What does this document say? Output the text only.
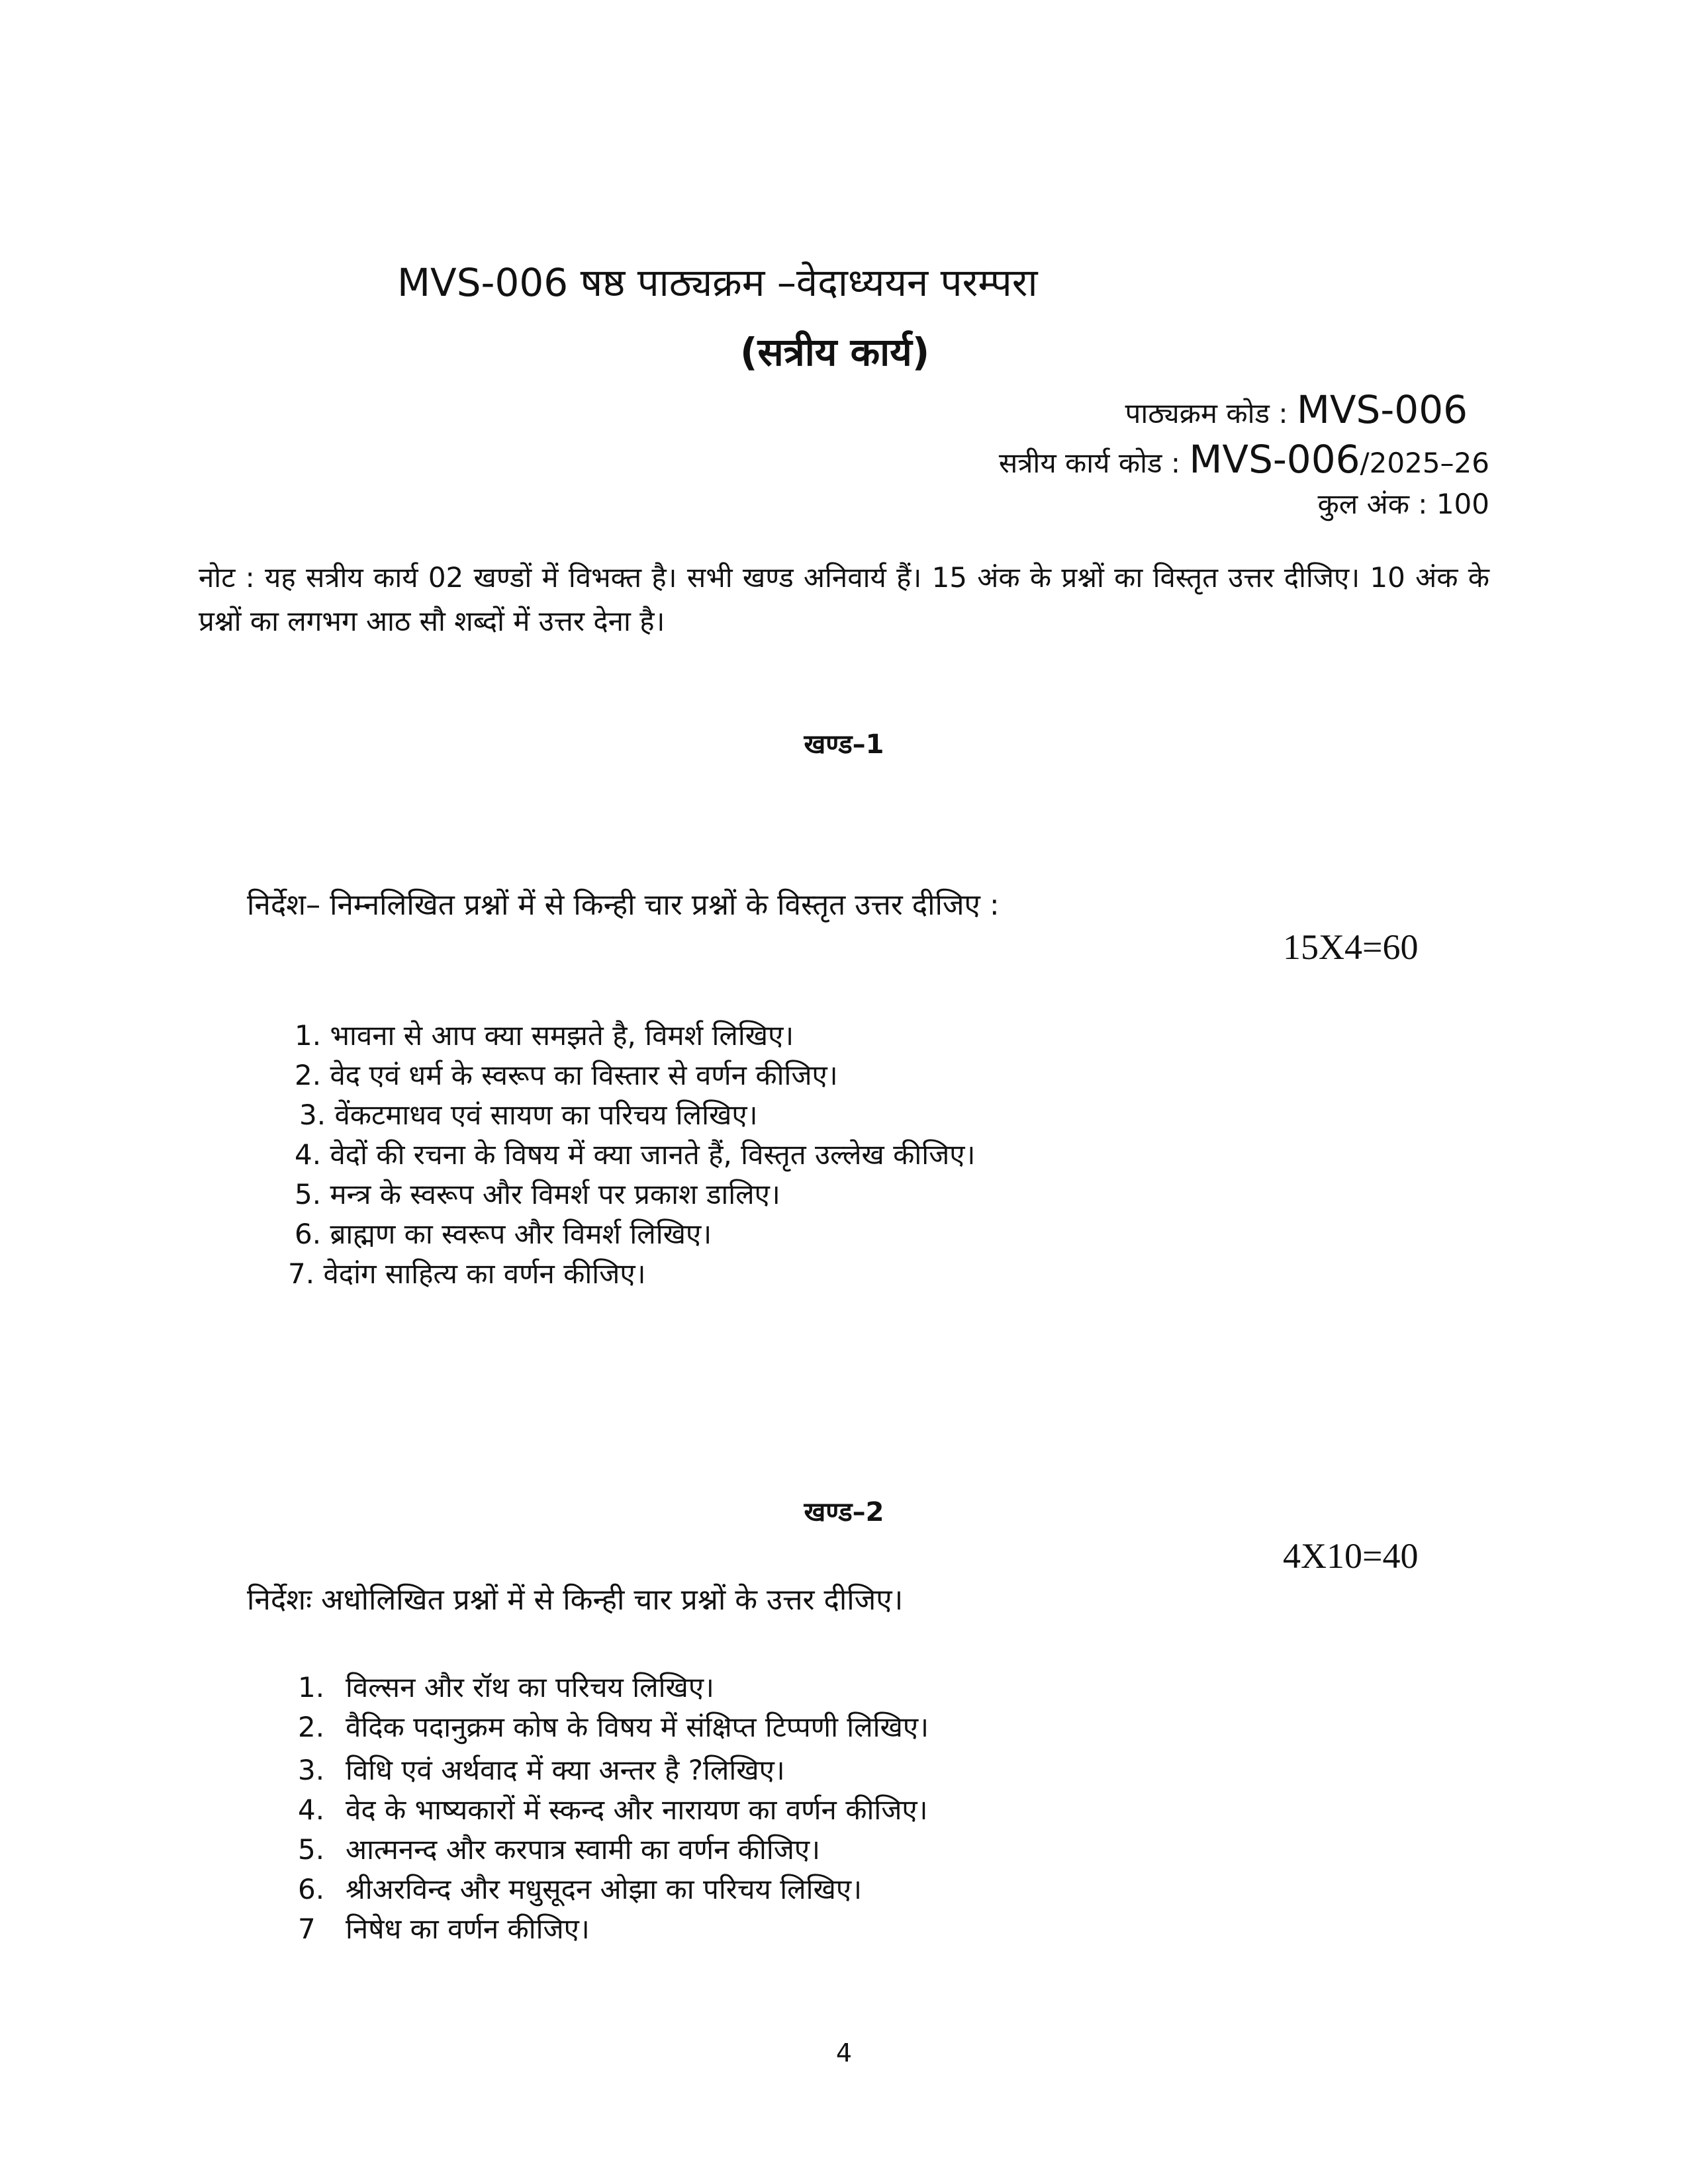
MVS-006 षष्ठ पाठ्यक्रम –वेदाध्ययन परम्परा
(सत्रीय कार्य)
पाठ्यक्रम कोड : MVS-006
सत्रीय कार्य कोड : MVS-006/2025–26
कुल अंक : 100
नोट : यह सत्रीय कार्य 02 खण्डों में विभक्त है। सभी खण्ड अनिवार्य हैं। 15 अंक के प्रश्नों का विस्तृत उत्तर दीजिए। 10 अंक के प्रश्नों का लगभग आठ सौ शब्दों में उत्तर देना है।
खण्ड–1
निर्देश– निम्नलिखित प्रश्नों में से किन्ही चार प्रश्नों के विस्तृत उत्तर दीजिए :
15X4=60
1. भावना से आप क्या समझते है, विमर्श लिखिए।
2. वेद एवं धर्म के स्वरूप का विस्तार से वर्णन कीजिए।
3. वेंकटमाधव एवं सायण का परिचय लिखिए।
4. वेदों की रचना के विषय में क्या जानते हैं, विस्तृत उल्लेख कीजिए।
5. मन्त्र के स्वरूप और विमर्श पर प्रकाश डालिए।
6. ब्राह्मण का स्वरूप और विमर्श लिखिए।
7. वेदांग साहित्य का वर्णन कीजिए।
खण्ड–2
4X10=40
निर्देशः अधोलिखित प्रश्नों में से किन्ही चार प्रश्नों के उत्तर दीजिए।
1. विल्सन और रॉथ का परिचय लिखिए।
2. वैदिक पदानुक्रम कोष के विषय में संक्षिप्त टिप्पणी लिखिए।
3. विधि एवं अर्थवाद में क्या अन्तर है ?लिखिए।
4. वेद के भाष्यकारों में स्कन्द और नारायण का वर्णन कीजिए।
5. आत्मनन्द और करपात्र स्वामी का वर्णन कीजिए।
6. श्रीअरविन्द और मधुसूदन ओझा का परिचय लिखिए।
7 निषेध का वर्णन कीजिए।
4
